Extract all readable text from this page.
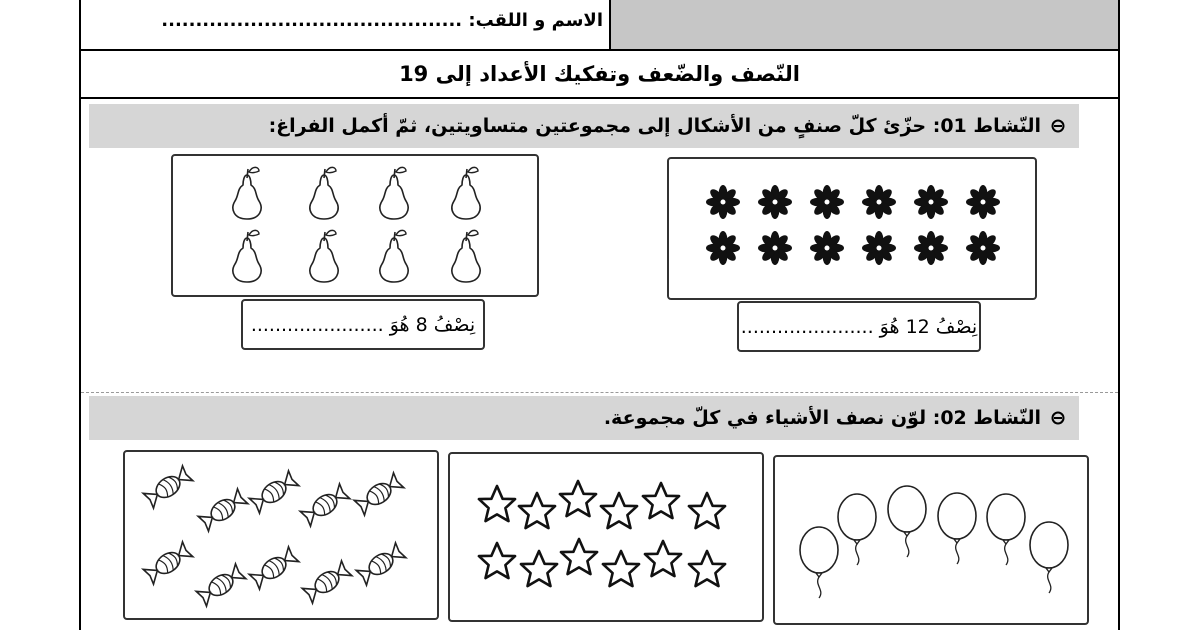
الاسم و اللقب: ............................................
النّصف والضّعف وتفكيك الأعداد إلى 19
النّشاط 01: حزّئ كلّ صنفٍ من الأشكال إلى مجموعتين متساويتين، ثمّ أكمل الفراغ:
نِصْفُ 8 هُوَ ......................	نِصْفُ 12 هُوَ ......................
النّشاط 02: لوّن نصف الأشياء في كلّ مجموعة.
